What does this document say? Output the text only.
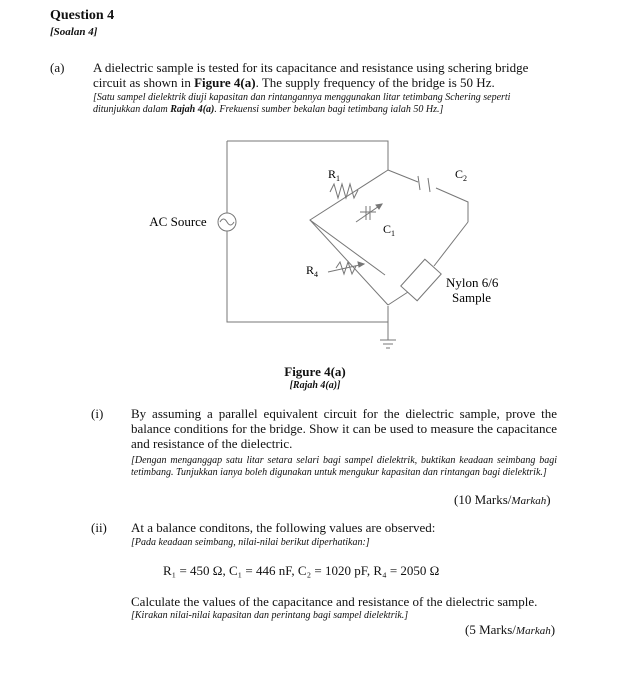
Question 4
[Soalan 4]
(a) A dielectric sample is tested for its capacitance and resistance using schering bridge circuit as shown in Figure 4(a). The supply frequency of the bridge is 50 Hz.
[Satu sampel dielektrik diuji kapasitan dan rintangannya menggunakan litar tetimbang Schering seperti ditunjukkan dalam Rajah 4(a). Frekuensi sumber bekalan bagi tetimbang ialah 50 Hz.]
AC Source
$R_1$
$C_1$
$C_2$
$R_4$
Nylon 6/6
Sample
Figure 4(a)
[Rajah 4(a)]
(i) By assuming a parallel equivalent circuit for the dielectric sample, prove the balance conditions for the bridge. Show it can be used to measure the capacitance and resistance of the dielectric.
[Dengan menganggap satu litar setara selari bagi sampel dielektrik, buktikan keadaan seimbang bagi tetimbang. Tunjukkan ianya boleh digunakan untuk mengukur kapasitan dan rintangan bagi dielektrik.]
(10 Marks/Markah)
(ii) At a balance conditons, the following values are observed:
[Pada keadaan seimbang, nilai-nilai berikut diperhatikan:]
R₁ = 450 Ω, C₁ = 446 nF, C₂ = 1020 pF, R₄ = 2050 Ω
Calculate the values of the capacitance and resistance of the dielectric sample.
[Kirakan nilai-nilai kapasitan dan perintang bagi sampel dielektrik.]
(5 Marks/Markah)
